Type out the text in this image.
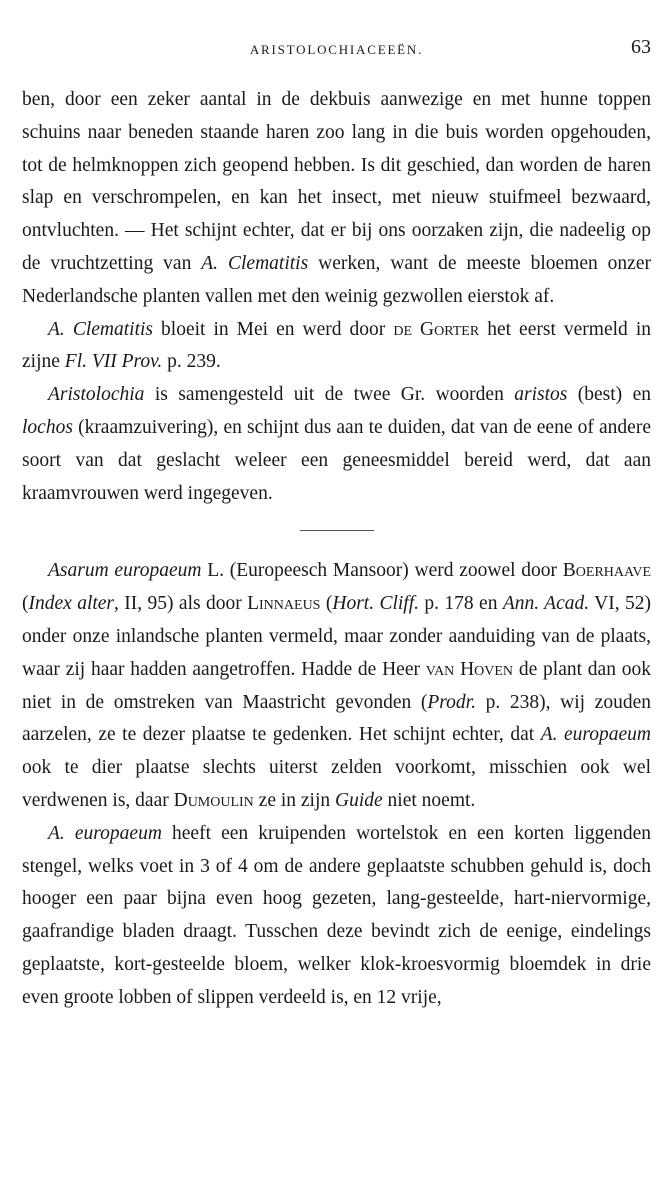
ARISTOLOCHIACEEËN.	63

ben, door een zeker aantal in de dekbuis aanwezige en met hunne toppen schuins naar beneden staande haren zoo lang in die buis worden opgehouden, tot de helmknoppen zich geopend hebben. Is dit geschied, dan worden de haren slap en verschrompelen, en kan het insect, met nieuw stuifmeel bezwaard, ontvluchten. — Het schijnt echter, dat er bij ons oorzaken zijn, die nadeelig op de vruchtzetting van A. Clematitis werken, want de meeste bloemen onzer Nederlandsche planten vallen met den weinig gezwollen eierstok af.

A. Clematitis bloeit in Mei en werd door de Gorter het eerst vermeld in zijne Fl. VII Prov. p. 239.

Aristolochia is samengesteld uit de twee Gr. woorden aristos (best) en lochos (kraamzuivering), en schijnt dus aan te duiden, dat van de eene of andere soort van dat geslacht weleer een geneesmiddel bereid werd, dat aan kraamvrouwen werd ingegeven.

Asarum europaeum L. (Europeesch Mansoor) werd zoowel door Boerhaave (Index alter, II, 95) als door Linnaeus (Hort. Cliff. p. 178 en Ann. Acad. VI, 52) onder onze inlandsche planten vermeld, maar zonder aanduiding van de plaats, waar zij haar hadden aangetroffen. Hadde de Heer van Hoven de plant dan ook niet in de omstreken van Maastricht gevonden (Prodr. p. 238), wij zouden aarzelen, ze te dezer plaatse te gedenken. Het schijnt echter, dat A. europaeum ook te dier plaatse slechts uiterst zelden voorkomt, misschien ook wel verdwenen is, daar Dumoulin ze in zijn Guide niet noemt.

A. europaeum heeft een kruipenden wortelstok en een korten liggenden stengel, welks voet in 3 of 4 om de andere geplaatste schubben gehuld is, doch hooger een paar bijna even hoog gezeten, lang-gesteelde, hart-niervormige, gaafrandige bladen draagt. Tusschen deze bevindt zich de eenige, eindelings geplaatste, kort-gesteelde bloem, welker klok-kroesvormig bloemdek in drie even groote lobben of slippen verdeeld is, en 12 vrije,
